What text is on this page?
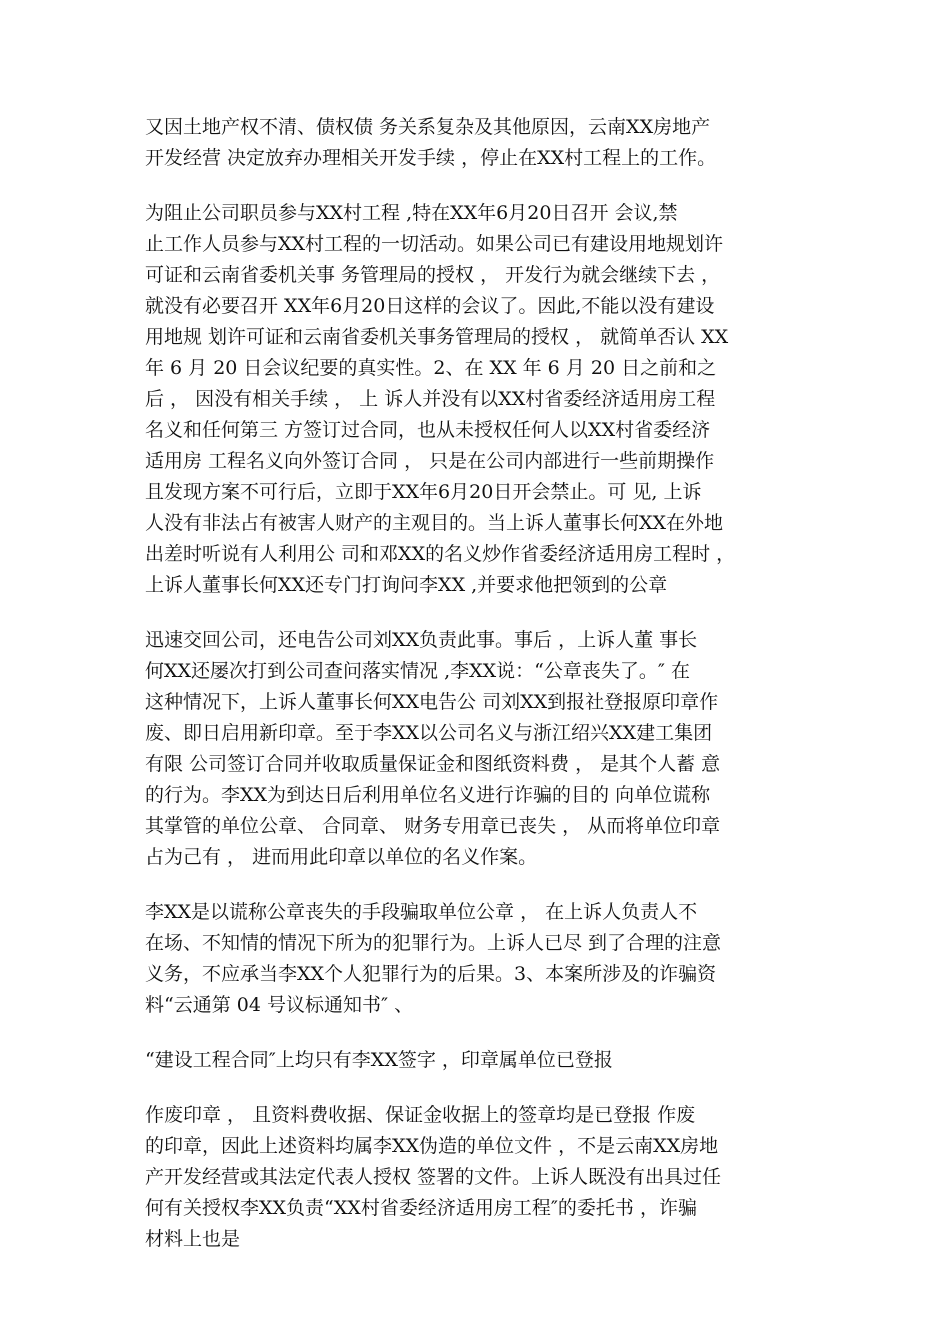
又因土地产权不清、债权债 务关系复杂及其他原因，云南XX房地产
开发经营 决定放弃办理相关开发手续 ，停止在XX村工程上的工作。
为阻止公司职员参与XX村工程 ,特在XX年6月20日召开 会议,禁
止工作人员参与XX村工程的一切活动。如果公司已有建设用地规划许
可证和云南省委机关事 务管理局的授权 ， 开发行为就会继续下去 ，
就没有必要召开 XX年6月20日这样的会议了。因此,不能以没有建设
用地规 划许可证和云南省委机关事务管理局的授权 ， 就简单否认 XX
年 6 月 20 日会议纪要的真实性。2、在 XX 年 6 月 20 日之前和之
后 ， 因没有相关手续 ， 上 诉人并没有以XX村省委经济适用房工程
名义和任何第三 方签订过合同，也从未授权任何人以XX村省委经济
适用房 工程名义向外签订合同 ， 只是在公司内部进行一些前期操作
且发现方案不可行后，立即于XX年6月20日开会禁止。可 见, 上诉
人没有非法占有被害人财产的主观目的。当上诉人董事长何XX在外地
出差时听说有人利用公 司和邓XX的名义炒作省委经济适用房工程时 ，
上诉人董事长何XX还专门打询问李XX ,并要求他把领到的公章
迅速交回公司，还电告公司刘XX负责此事。事后 ，上诉人董 事长
何XX还屡次打到公司查问落实情况 ,李XX说：“公章丧失了。″ 在
这种情况下，上诉人董事长何XX电告公 司刘XX到报社登报原印章作
废、即日启用新印章。至于李XX以公司名义与浙江绍兴XX建工集团
有限 公司签订合同并收取质量保证金和图纸资料费 ， 是其个人蓄 意
的行为。李XX为到达日后利用单位名义进行诈骗的目的 向单位谎称
其掌管的单位公章、 合同章、 财务专用章已丧失 ， 从而将单位印章
占为己有 ， 进而用此印章以单位的名义作案。
李XX是以谎称公章丧失的手段骗取单位公章 ， 在上诉人负责人不
在场、不知情的情况下所为的犯罪行为。上诉人已尽 到了合理的注意
义务，不应承当李XX个人犯罪行为的后果。3、本案所涉及的诈骗资
料“云通第 04 号议标通知书″ 、
“建设工程合同″上均只有李XX签字 ，印章属单位已登报
作废印章 ， 且资料费收据、保证金收据上的签章均是已登报 作废
的印章，因此上述资料均属李XX伪造的单位文件 ，不是云南XX房地
产开发经营或其法定代表人授权 签署的文件。上诉人既没有出具过任
何有关授权李XX负责“XX村省委经济适用房工程″的委托书 ，诈骗
材料上也是
